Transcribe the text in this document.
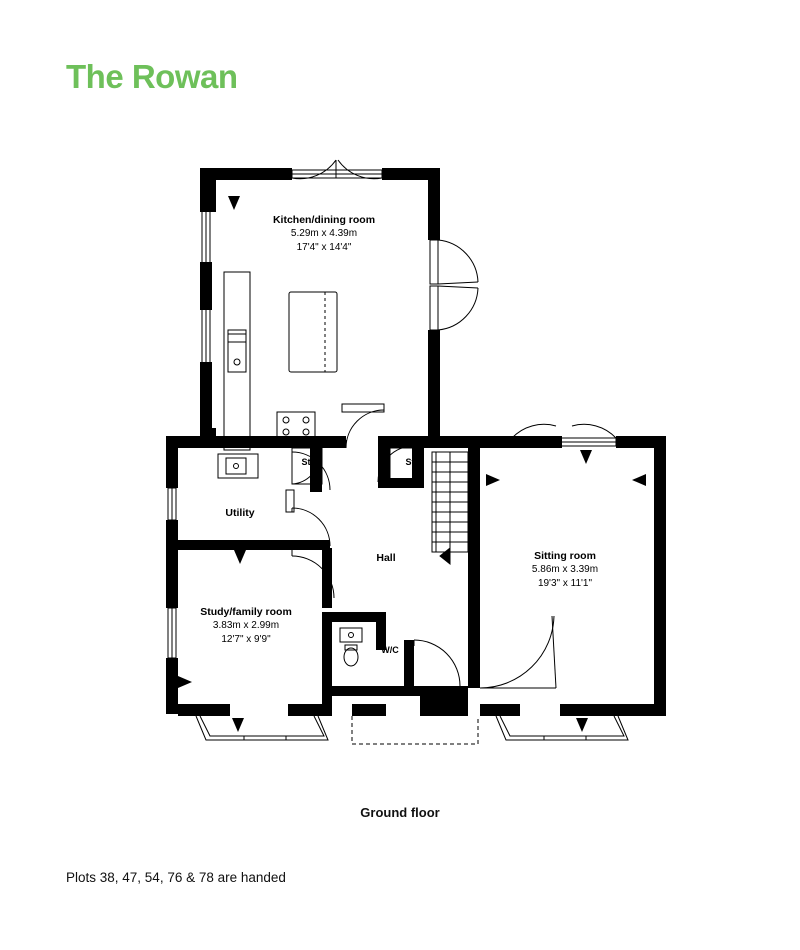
The Rowan
Kitchen/dining room
5.29m x 4.39m
17'4" x 14'4"
Sitting room
5.86m x 3.39m
19'3" x 11'1"
Study/family room
3.83m x 2.99m
12'7" x 9'9"
Utility
Hall
St	St
W/C
Ground floor
Plots 38, 47, 54, 76 & 78 are handed
